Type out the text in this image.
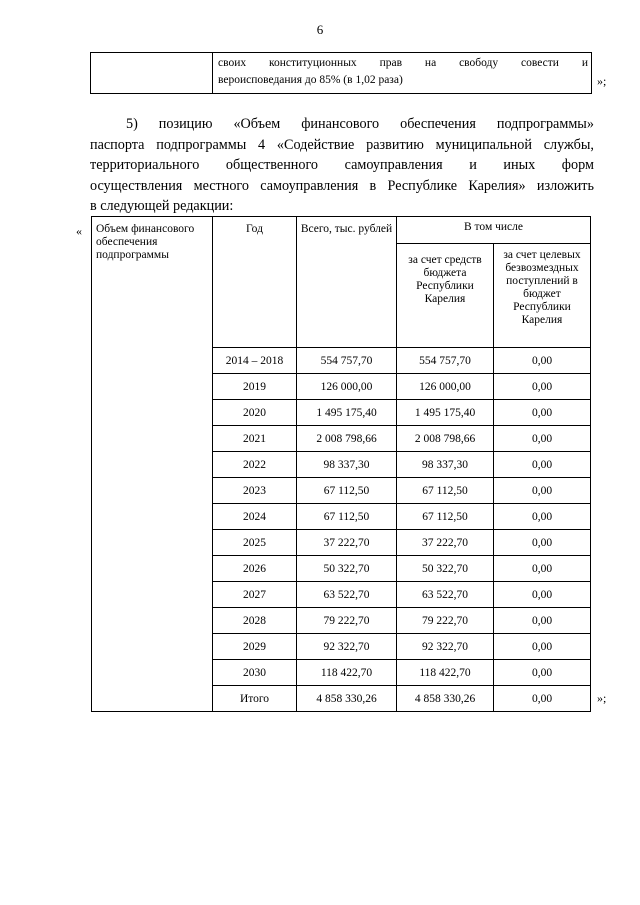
6
своих конституционных прав на свободу совести и
вероисповедания до 85% (в 1,02 раза)	»;
5) позицию «Объем финансового обеспечения подпрограммы»
паспорта подпрограммы 4 «Содействие развитию муниципальной службы,
территориального общественного самоуправления и иных форм
осуществления местного самоуправления в Республике Карелия» изложить
в следующей редакции:
« Объем финансового обеспечения подпрограммы	Год	Всего, тыс. рублей	В том числе	
			за счет средств бюджета Республики Карелия	за счет целевых безвозмездных поступлений в бюджет Республики Карелия
	2014 – 2018	554 757,70	554 757,70	0,00
	2019	126 000,00	126 000,00	0,00
	2020	1 495 175,40	1 495 175,40	0,00
	2021	2 008 798,66	2 008 798,66	0,00
	2022	98 337,30	98 337,30	0,00
	2023	67 112,50	67 112,50	0,00
	2024	67 112,50	67 112,50	0,00
	2025	37 222,70	37 222,70	0,00
	2026	50 322,70	50 322,70	0,00
	2027	63 522,70	63 522,70	0,00
	2028	79 222,70	79 222,70	0,00
	2029	92 322,70	92 322,70	0,00
	2030	118 422,70	118 422,70	0,00
	Итого	4 858 330,26	4 858 330,26	0,00	»;
